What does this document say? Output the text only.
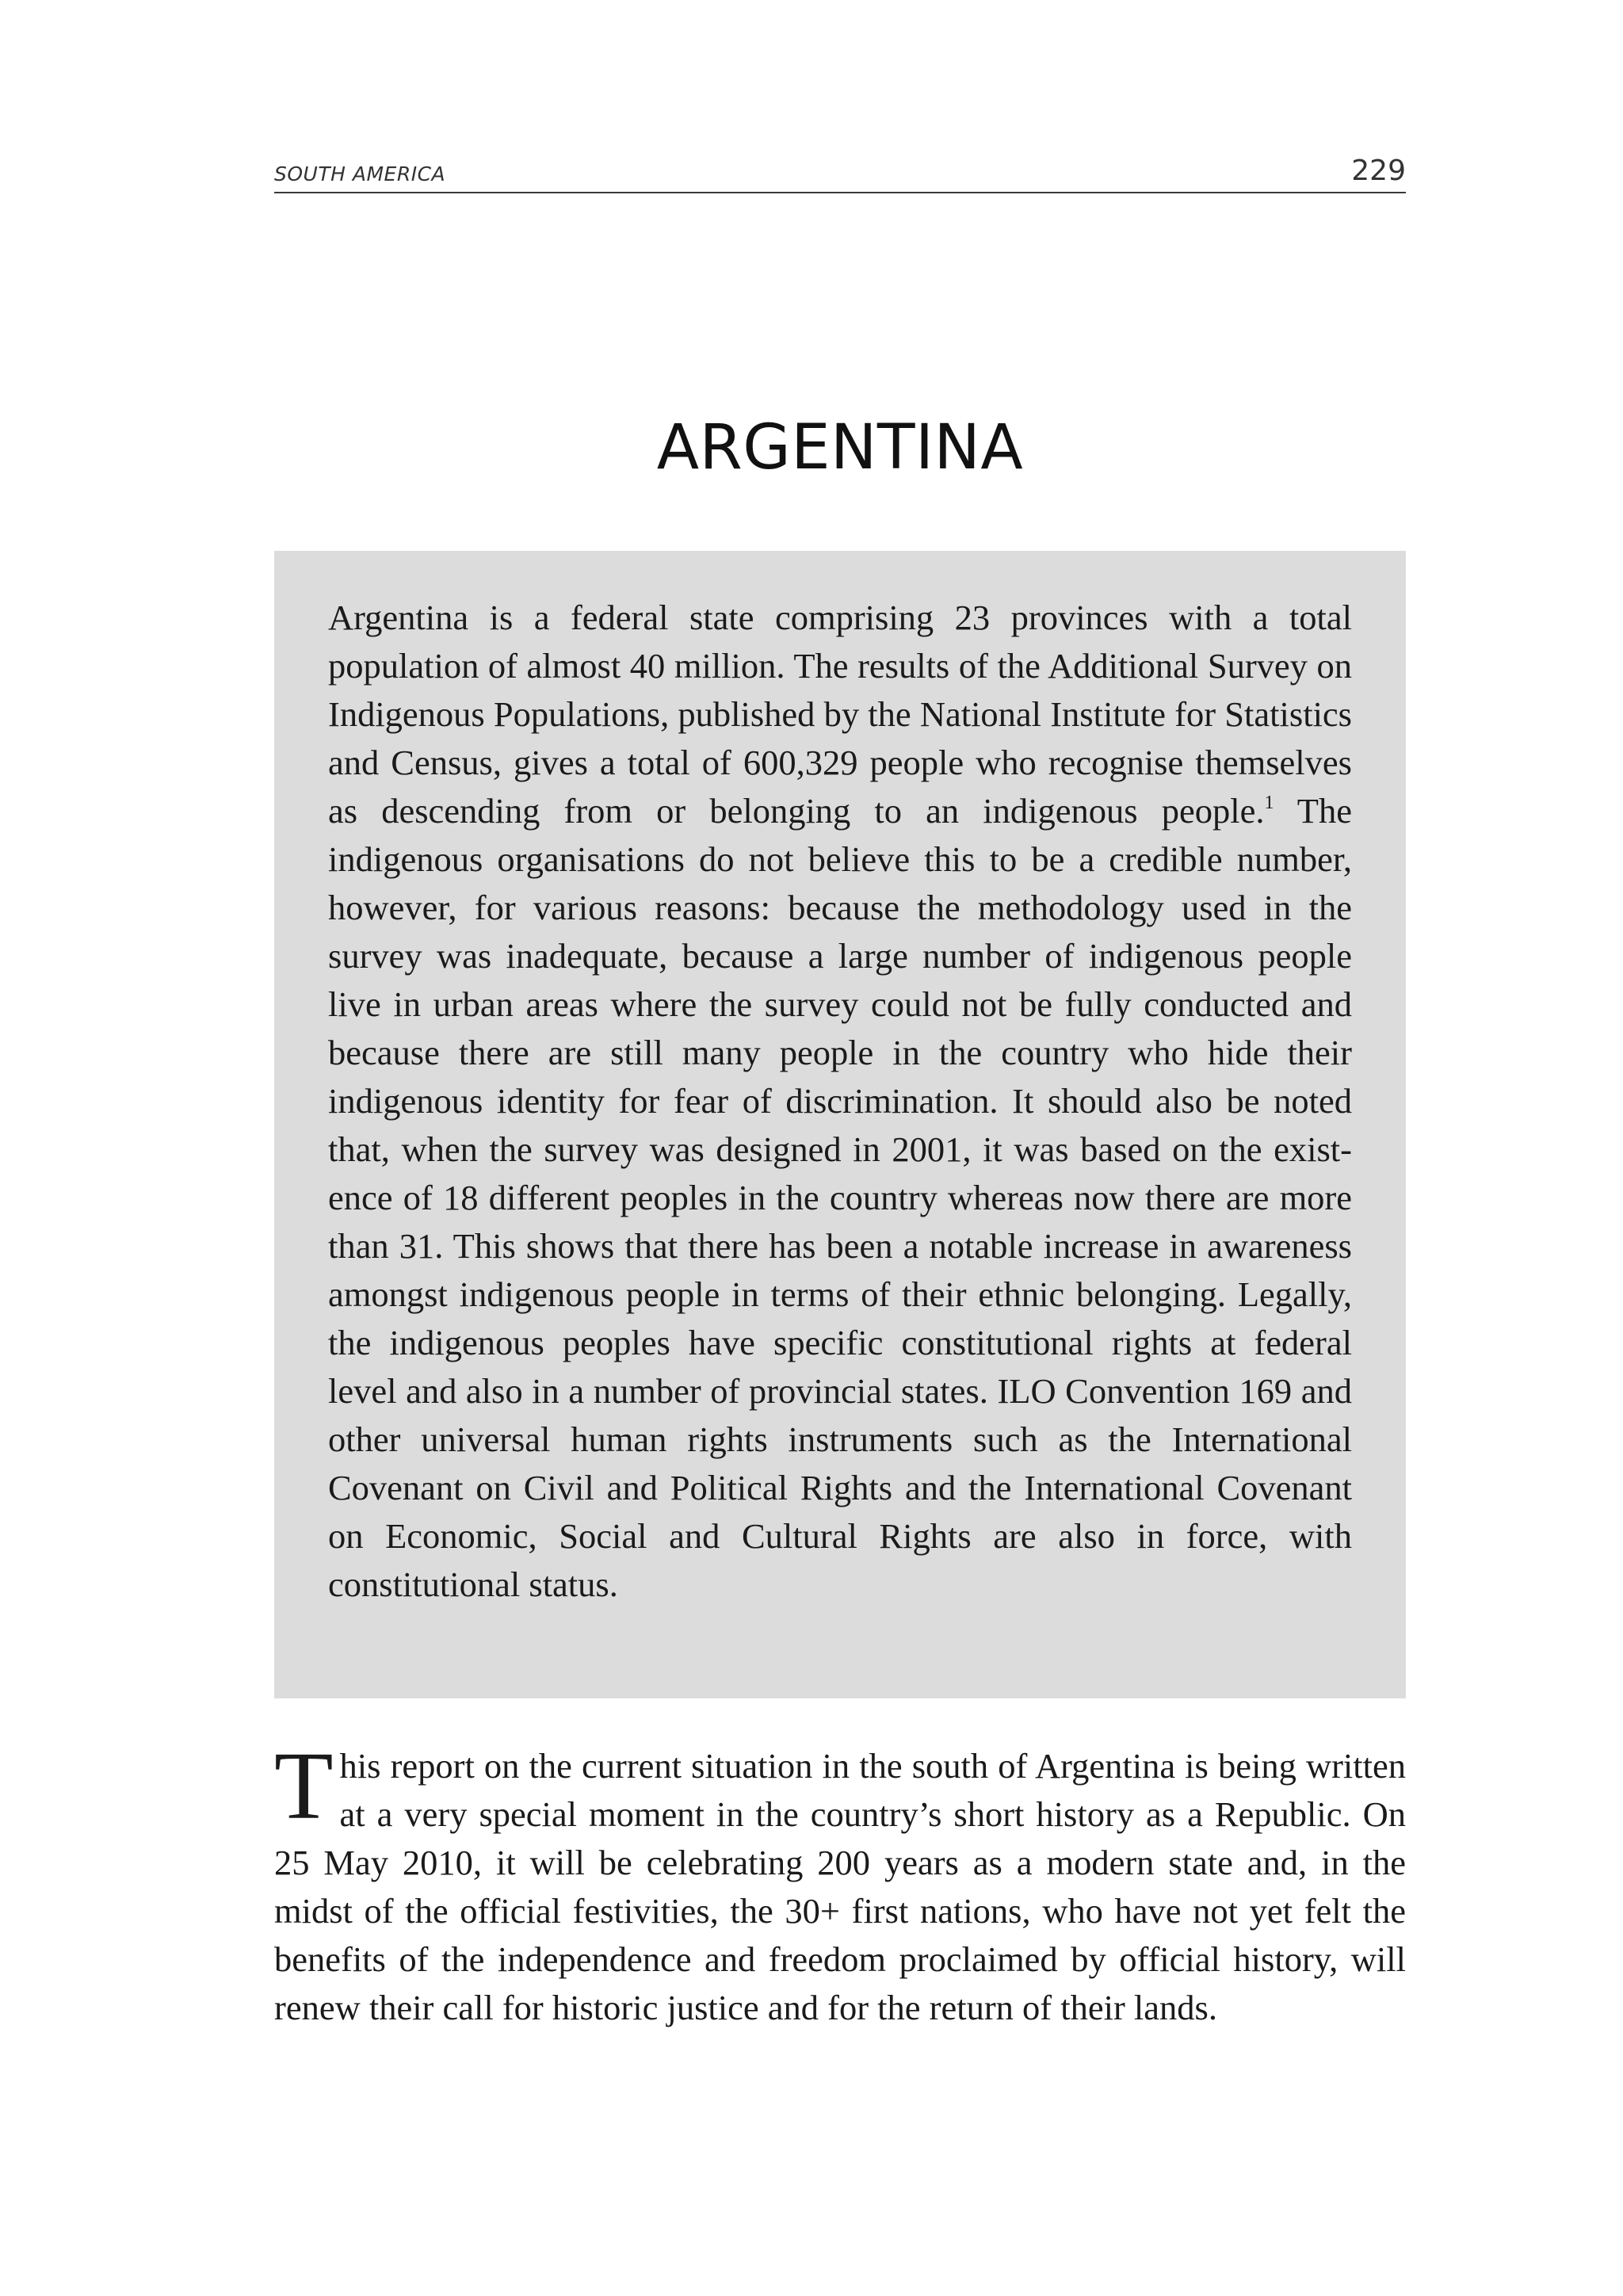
SOUTH AMERICA	229
ARGENTINA

Argentina is a federal state comprising 23 provinces with a total population of almost 40 million. The results of the Additional Survey on Indigenous Populations, published by the National Institute for Statistics and Census, gives a total of 600,329 people who recognise themselves as descending from or belonging to an indigenous people.$^1$ The indigenous organisations do not believe this to be a credible number, however, for various reasons: because the methodology used in the survey was inadequate, because a large number of indigenous people live in urban areas where the survey could not be fully conducted and because there are still many people in the country who hide their indigenous identity for fear of discrimination. It should also be noted that, when the survey was designed in 2001, it was based on the existence of 18 different peoples in the country whereas now there are more than 31. This shows that there has been a notable increase in awareness amongst indigenous people in terms of their ethnic belonging. Legally, the indigenous peoples have specific constitutional rights at federal level and also in a number of provincial states. ILO Convention 169 and other universal human rights instruments such as the International Covenant on Civil and Political Rights and the International Covenant on Economic, Social and Cultural Rights are also in force, with constitutional status.

This report on the current situation in the south of Argentina is being written at a very special moment in the country’s short history as a Republic. On 25 May 2010, it will be celebrating 200 years as a modern state and, in the midst of the official festivities, the 30+ first nations, who have not yet felt the benefits of the independence and freedom proclaimed by official history, will renew their call for historic justice and for the return of their lands.
